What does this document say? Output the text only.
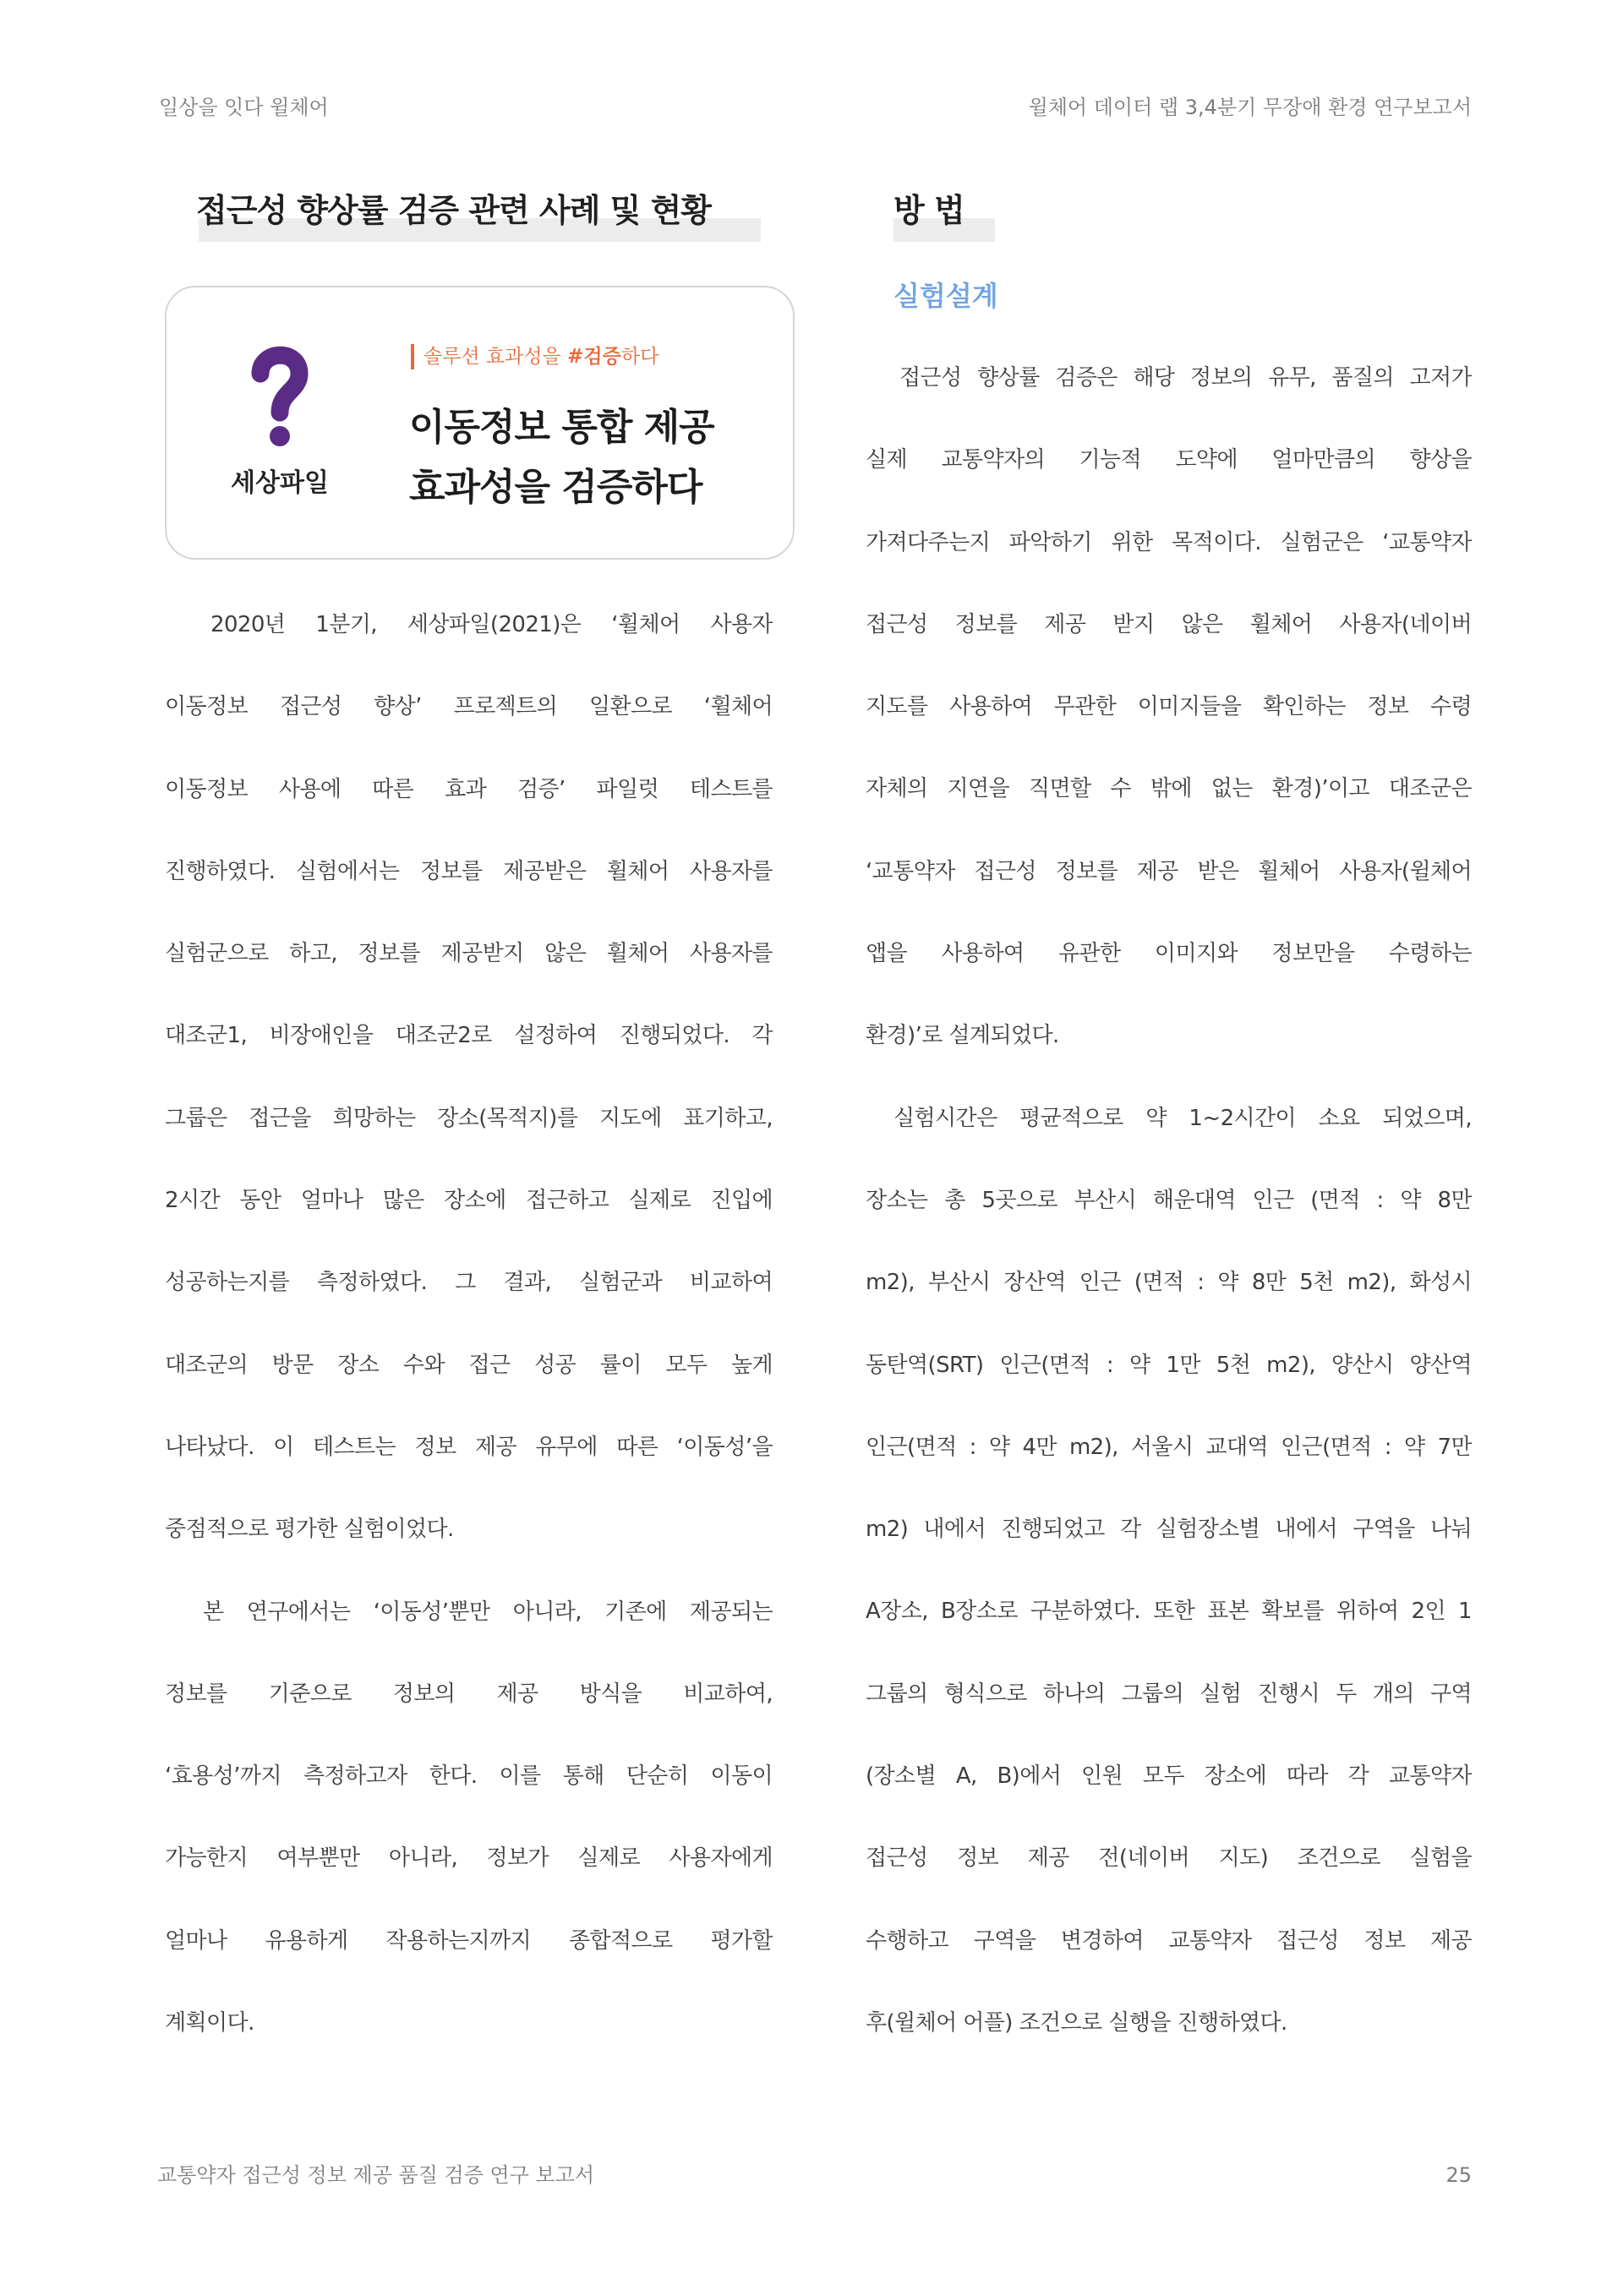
일상을 잇다 윌체어	윌체어 데이터 랩 3,4분기 무장애 환경 연구보고서
접근성 향상률 검증 관련 사례 및 현황	방 법
실험설계
세상파일
솔루션 효과성을 #검증하다
이동정보 통합 제공
효과성을 검증하다
2020년 1분기, 세상파일(2021)은 ‘휠체어 사용자
이동정보 접근성 향상’ 프로젝트의 일환으로 ‘휠체어
이동정보 사용에 따른 효과 검증’ 파일럿 테스트를
진행하였다. 실험에서는 정보를 제공받은 휠체어 사용자를
실험군으로 하고, 정보를 제공받지 않은 휠체어 사용자를
대조군1, 비장애인을 대조군2로 설정하여 진행되었다. 각
그룹은 접근을 희망하는 장소(목적지)를 지도에 표기하고,
2시간 동안 얼마나 많은 장소에 접근하고 실제로 진입에
성공하는지를 측정하였다. 그 결과, 실험군과 비교하여
대조군의 방문 장소 수와 접근 성공 률이 모두 높게
나타났다. 이 테스트는 정보 제공 유무에 따른 ‘이동성’을
중점적으로 평가한 실험이었다.
본 연구에서는 ‘이동성’뿐만 아니라, 기존에 제공되는
정보를 기준으로 정보의 제공 방식을 비교하여,
‘효용성’까지 측정하고자 한다. 이를 통해 단순히 이동이
가능한지 여부뿐만 아니라, 정보가 실제로 사용자에게
얼마나 유용하게 작용하는지까지 종합적으로 평가할
계획이다.
접근성 향상률 검증은 해당 정보의 유무, 품질의 고저가
실제 교통약자의 기능적 도약에 얼마만큼의 향상을
가져다주는지 파악하기 위한 목적이다. 실험군은 ‘교통약자
접근성 정보를 제공 받지 않은 휠체어 사용자(네이버
지도를 사용하여 무관한 이미지들을 확인하는 정보 수령
자체의 지연을 직면할 수 밖에 없는 환경)’이고 대조군은
‘교통약자 접근성 정보를 제공 받은 휠체어 사용자(윌체어
앱을 사용하여 유관한 이미지와 정보만을 수령하는
환경)’로 설계되었다.
실험시간은 평균적으로 약 1~2시간이 소요 되었으며,
장소는 총 5곳으로 부산시 해운대역 인근 (면적 : 약 8만
m2), 부산시 장산역 인근 (면적 : 약 8만 5천 m2), 화성시
동탄역(SRT) 인근(면적 : 약 1만 5천 m2), 양산시 양산역
인근(면적 : 약 4만 m2), 서울시 교대역 인근(면적 : 약 7만
m2) 내에서 진행되었고 각 실험장소별 내에서 구역을 나눠
A장소, B장소로 구분하였다. 또한 표본 확보를 위하여 2인 1
그룹의 형식으로 하나의 그룹의 실험 진행시 두 개의 구역
(장소별 A, B)에서 인원 모두 장소에 따라 각 교통약자
접근성 정보 제공 전(네이버 지도) 조건으로 실험을
수행하고 구역을 변경하여 교통약자 접근성 정보 제공
후(윌체어 어플) 조건으로 실행을 진행하였다.
교통약자 접근성 정보 제공 품질 검증 연구 보고서	25
